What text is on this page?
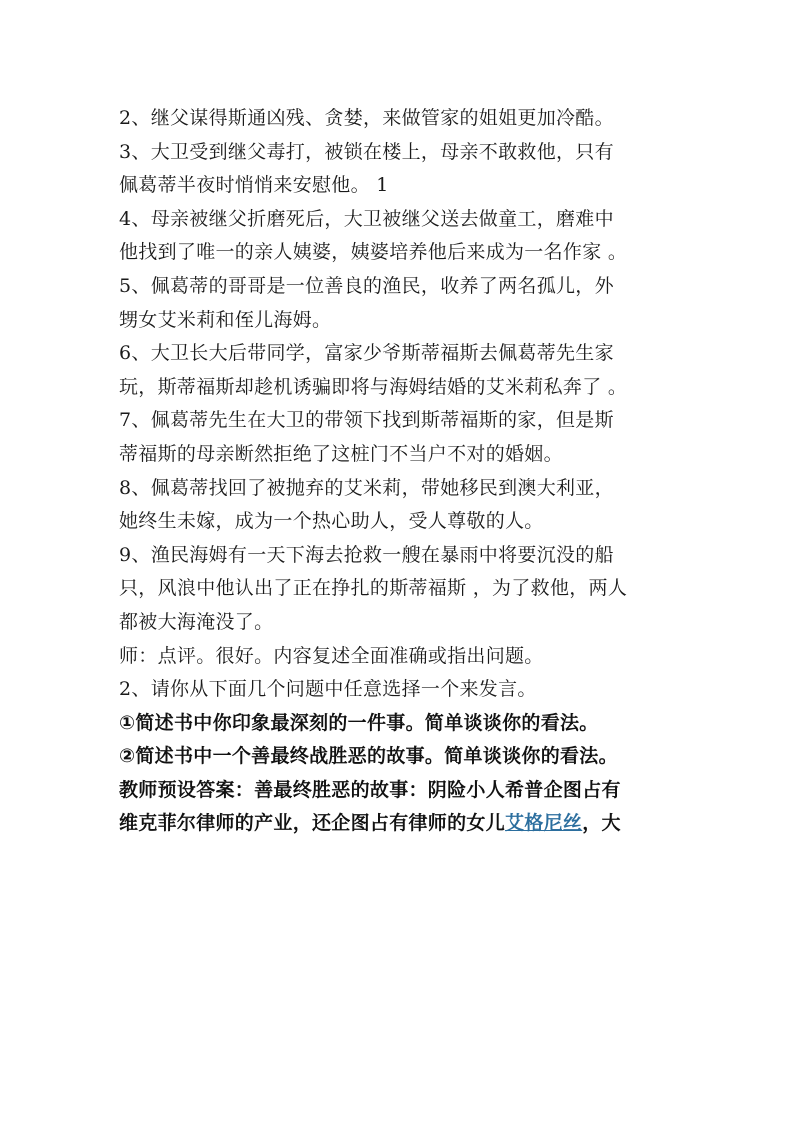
2、继父谋得斯通凶残、贪婪，来做管家的姐姐更加冷酷。
3、大卫受到继父毒打，被锁在楼上，母亲不敢救他，只有
佩葛蒂半夜时悄悄来安慰他。 1
4、母亲被继父折磨死后，大卫被继父送去做童工，磨难中
他找到了唯一的亲人姨婆，姨婆培养他后来成为一名作家 。
5、佩葛蒂的哥哥是一位善良的渔民，收养了两名孤儿，外
甥女艾米莉和侄儿海姆。
6、大卫长大后带同学，富家少爷斯蒂福斯去佩葛蒂先生家
玩，斯蒂福斯却趁机诱骗即将与海姆结婚的艾米莉私奔了 。
7、佩葛蒂先生在大卫的带领下找到斯蒂福斯的家，但是斯
蒂福斯的母亲断然拒绝了这桩门不当户不对的婚姻。
8、佩葛蒂找回了被抛弃的艾米莉，带她移民到澳大利亚，
她终生未嫁，成为一个热心助人，受人尊敬的人。
9、渔民海姆有一天下海去抢救一艘在暴雨中将要沉没的船
只，风浪中他认出了正在挣扎的斯蒂福斯 ，为了救他，两人
都被大海淹没了。
师：点评。很好。内容复述全面准确或指出问题。
2、请你从下面几个问题中任意选择一个来发言。
①简述书中你印象最深刻的一件事。简单谈谈你的看法。
②简述书中一个善最终战胜恶的故事。简单谈谈你的看法。
教师预设答案：善最终胜恶的故事：阴险小人希普企图占有
维克菲尔律师的产业，还企图占有律师的女儿艾格尼丝，大
